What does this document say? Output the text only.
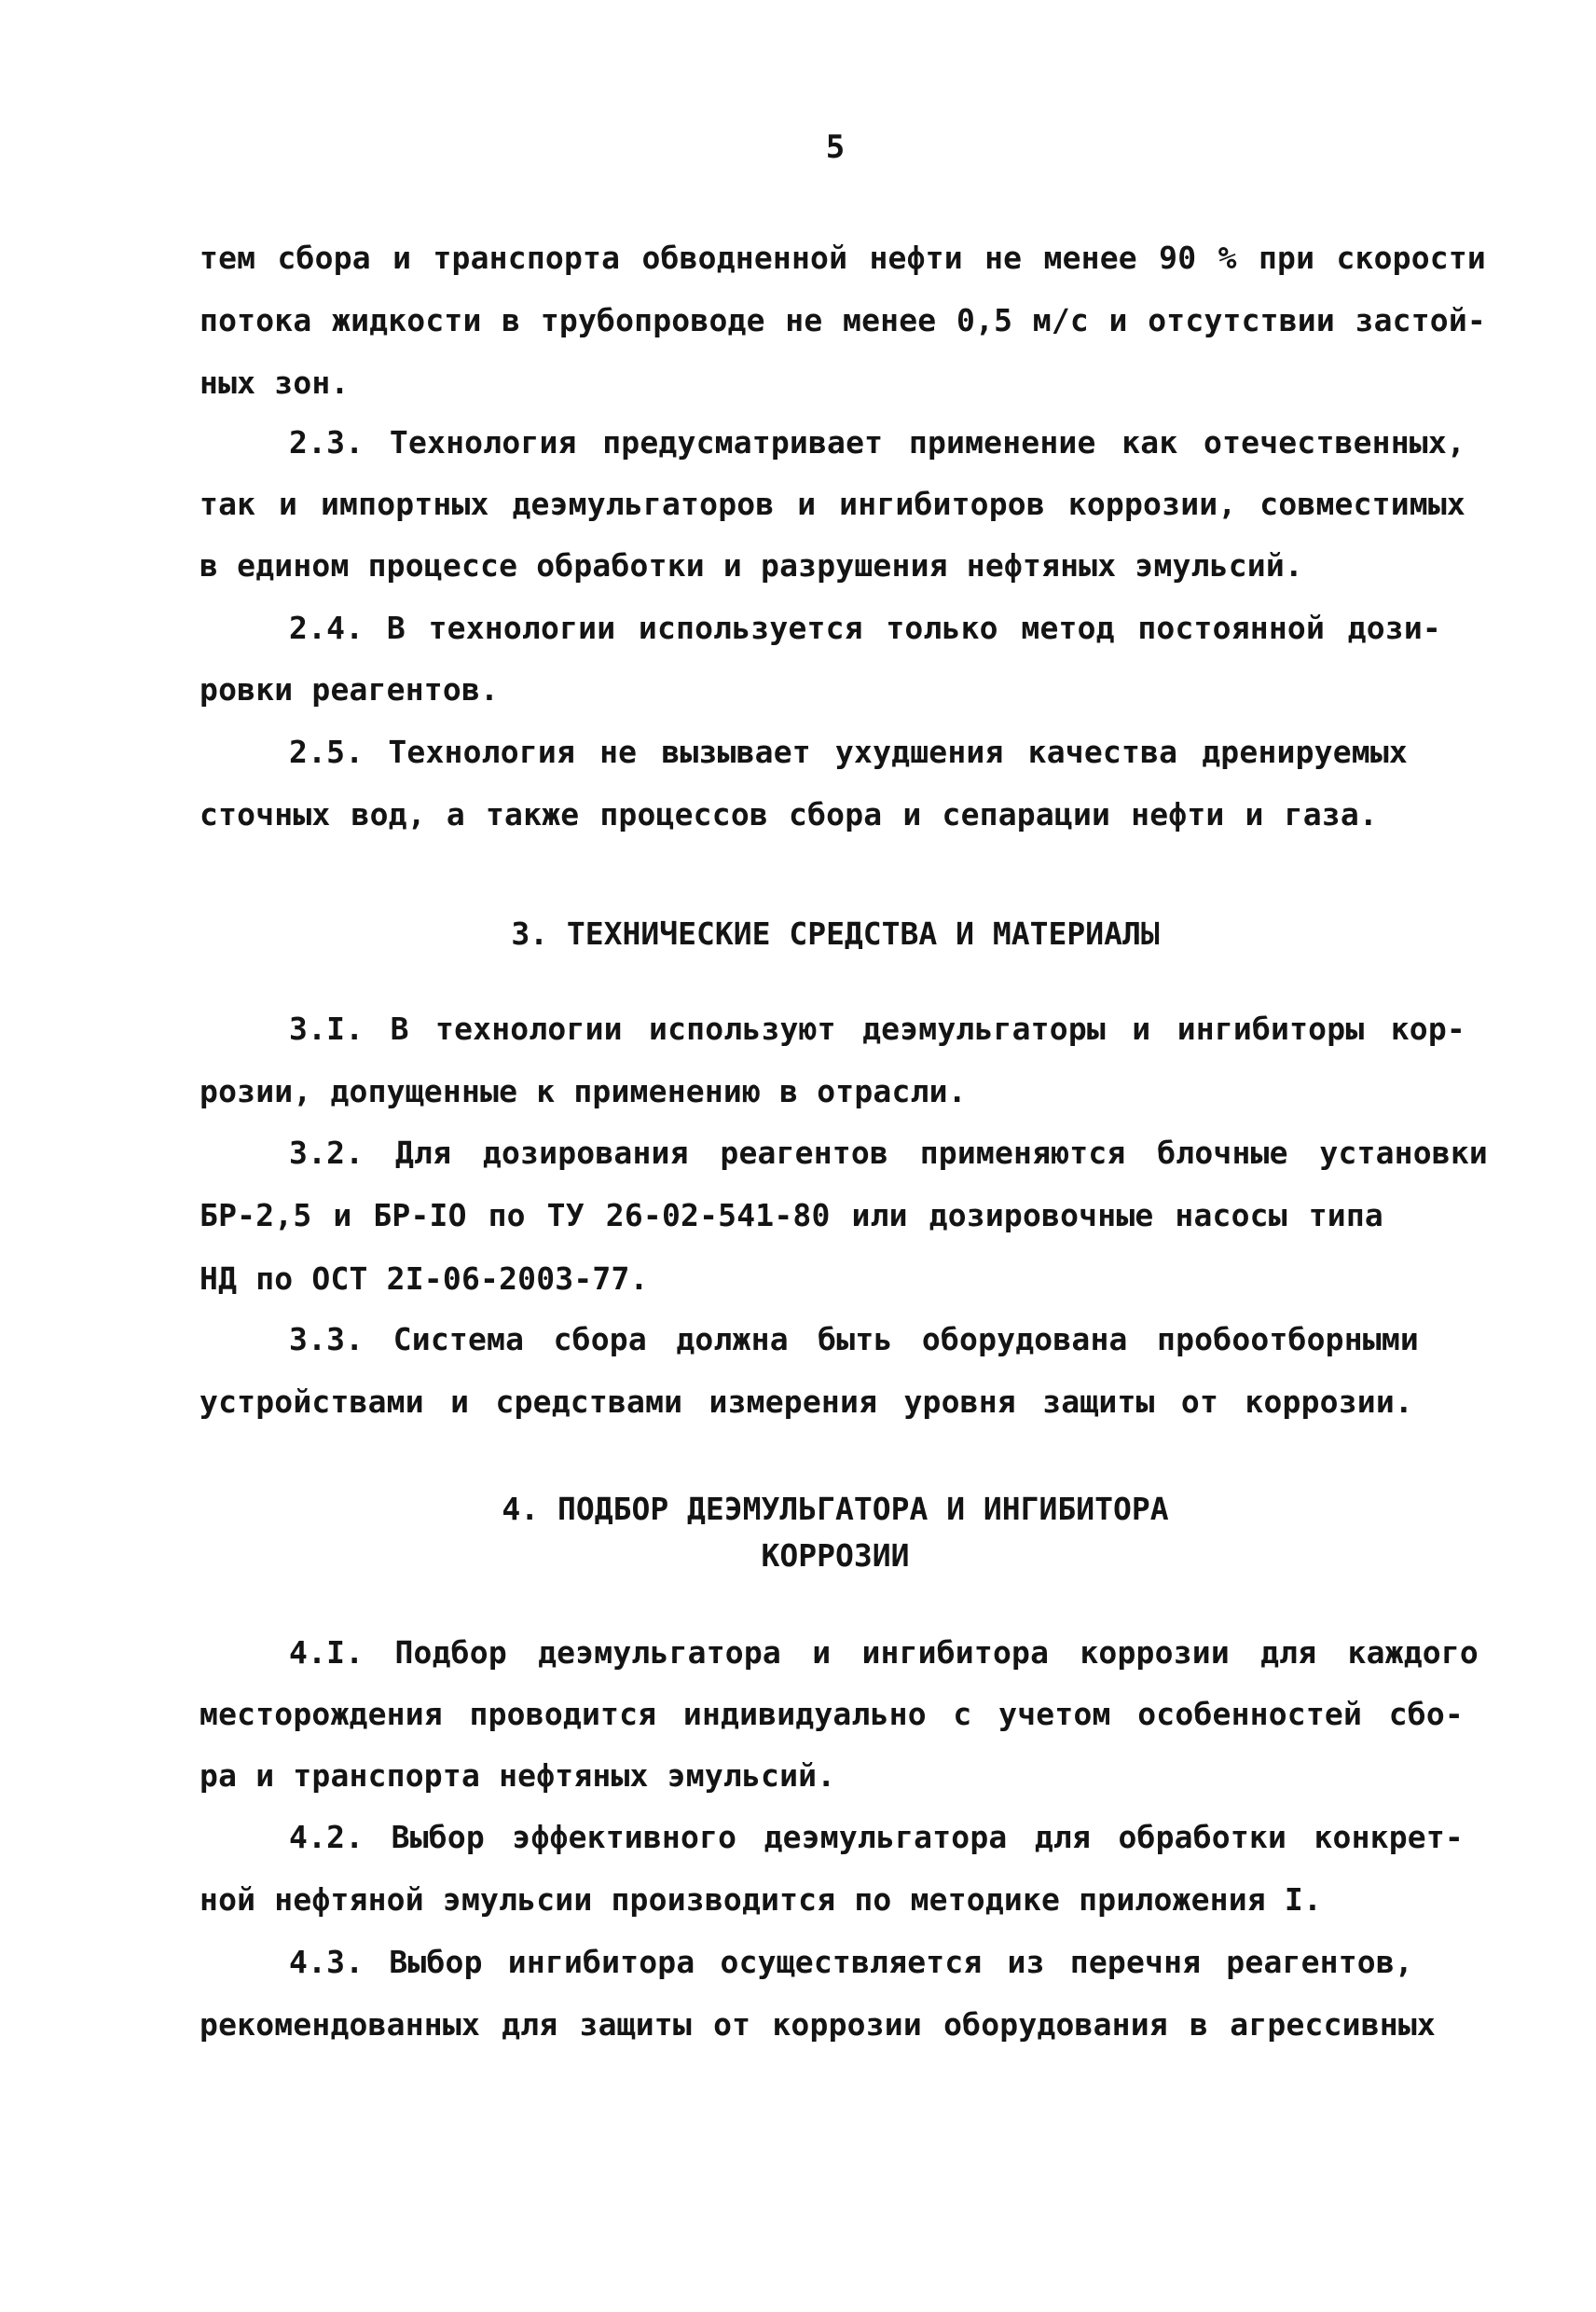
5
тем сбора и транспорта обводненной нефти не менее 90 % при скорости
потока жидкости в трубопроводе не менее 0,5 м/с и отсутствии застой-
ных зон.
2.3. Технология предусматривает применение как отечественных,
так и импортных деэмульгаторов и ингибиторов коррозии, совместимых
в едином процессе обработки и разрушения нефтяных эмульсий.
2.4. В технологии используется только метод постоянной дози-
ровки реагентов.
2.5. Технология не вызывает ухудшения качества дренируемых
сточных вод, а также процессов сбора и сепарации нефти и газа.
3. ТЕХНИЧЕСКИЕ СРЕДСТВА И МАТЕРИАЛЫ
3.I. В технологии используют деэмульгаторы и ингибиторы кор-
розии, допущенные к применению в отрасли.
3.2. Для дозирования реагентов применяются блочные установки
БР-2,5 и БР-IO по ТУ 26-02-541-80 или дозировочные насосы типа
НД по ОСТ 2I-06-2003-77.
3.3. Система сбора должна быть оборудована пробоотборными
устройствами и средствами измерения уровня защиты от коррозии.
4. ПОДБОР ДЕЭМУЛЬГАТОРА И ИНГИБИТОРА
КОРРОЗИИ
4.I. Подбор деэмульгатора и ингибитора коррозии для каждого
месторождения проводится индивидуально с учетом особенностей сбо-
ра и транспорта нефтяных эмульсий.
4.2. Выбор эффективного деэмульгатора для обработки конкрет-
ной нефтяной эмульсии производится по методике приложения I.
4.3. Выбор ингибитора осуществляется из перечня реагентов,
рекомендованных для защиты от коррозии оборудования в агрессивных
